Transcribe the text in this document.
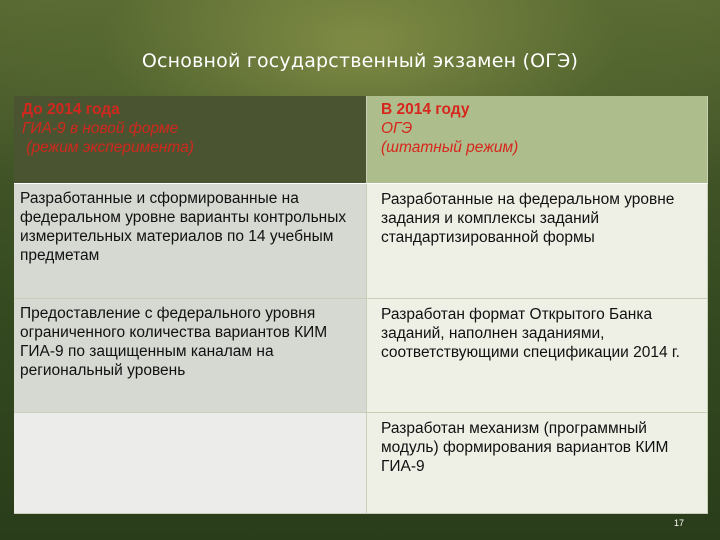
Основной государственный экзамен (ОГЭ)
До 2014 года
ГИА-9 в новой форме
(режим эксперимента)
В 2014 году
ОГЭ
(штатный режим)
Разработанные и сформированные на федеральном уровне варианты контрольных измерительных материалов по 14 учебным предметам
Разработанные на федеральном уровне задания и комплексы заданий стандартизированной формы
Предоставление с федерального уровня ограниченного количества вариантов КИМ ГИА-9 по защищенным каналам на региональный уровень
Разработан формат Открытого Банка заданий, наполнен заданиями, соответствующими спецификации 2014 г.
Разработан механизм (программный модуль) формирования вариантов КИМ ГИА-9
17
